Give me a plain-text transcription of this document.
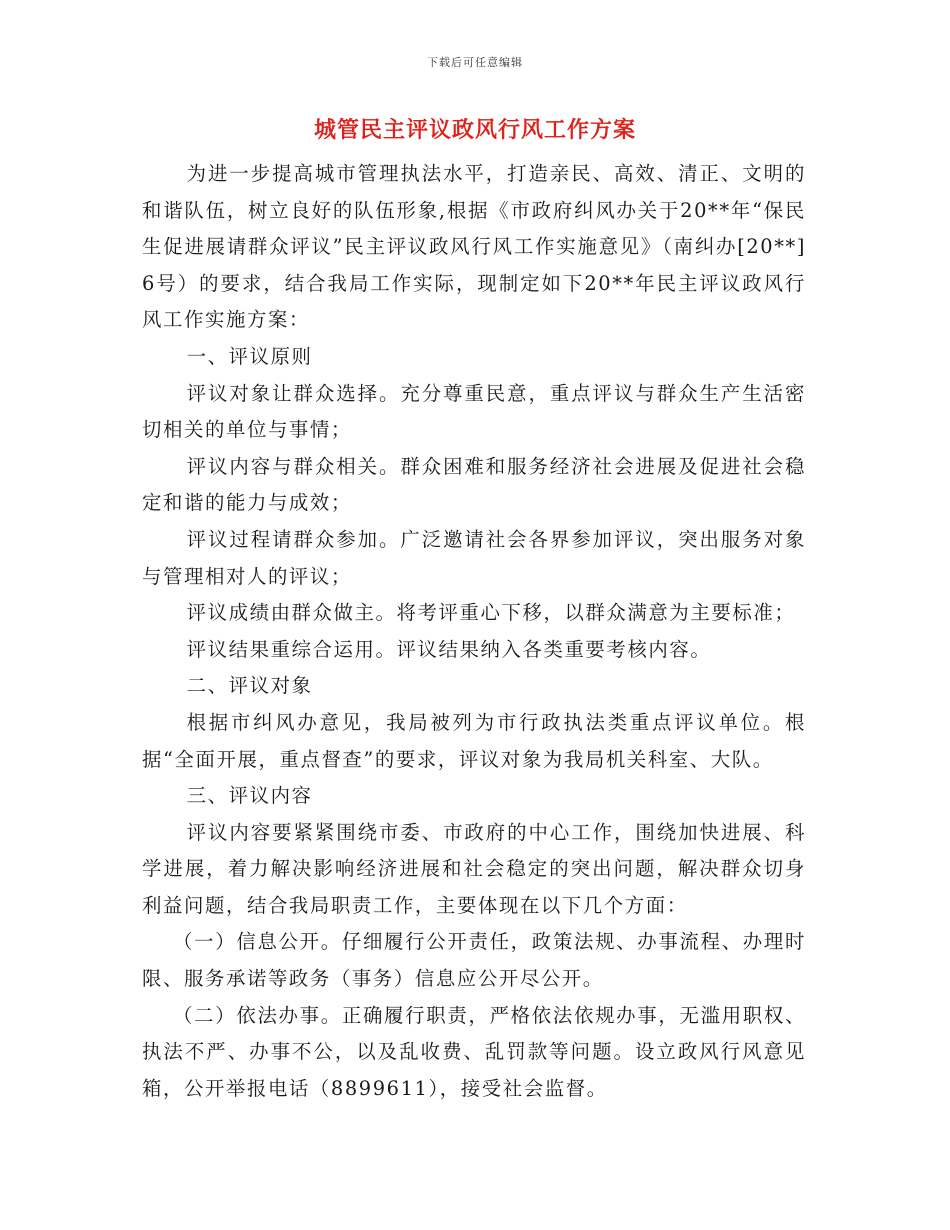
下载后可任意编辑
城管民主评议政风行风工作方案

为进一步提高城市管理执法水平，打造亲民、高效、清正、文明的和谐队伍，树立良好的队伍形象,根据《市政府纠风办关于20**年“保民生促进展请群众评议”民主评议政风行风工作实施意见》（南纠办[20**]6号）的要求，结合我局工作实际，现制定如下20**年民主评议政风行风工作实施方案：

一、评议原则

评议对象让群众选择。充分尊重民意，重点评议与群众生产生活密切相关的单位与事情；

评议内容与群众相关。群众困难和服务经济社会进展及促进社会稳定和谐的能力与成效；

评议过程请群众参加。广泛邀请社会各界参加评议，突出服务对象与管理相对人的评议；

评议成绩由群众做主。将考评重心下移，以群众满意为主要标准；

评议结果重综合运用。评议结果纳入各类重要考核内容。

二、评议对象

根据市纠风办意见，我局被列为市行政执法类重点评议单位。根据“全面开展，重点督查”的要求，评议对象为我局机关科室、大队。

三、评议内容

评议内容要紧紧围绕市委、市政府的中心工作，围绕加快进展、科学进展，着力解决影响经济进展和社会稳定的突出问题，解决群众切身利益问题，结合我局职责工作，主要体现在以下几个方面：

（一）信息公开。仔细履行公开责任，政策法规、办事流程、办理时限、服务承诺等政务（事务）信息应公开尽公开。

（二）依法办事。正确履行职责，严格依法依规办事，无滥用职权、执法不严、办事不公，以及乱收费、乱罚款等问题。设立政风行风意见箱，公开举报电话（8899611），接受社会监督。
